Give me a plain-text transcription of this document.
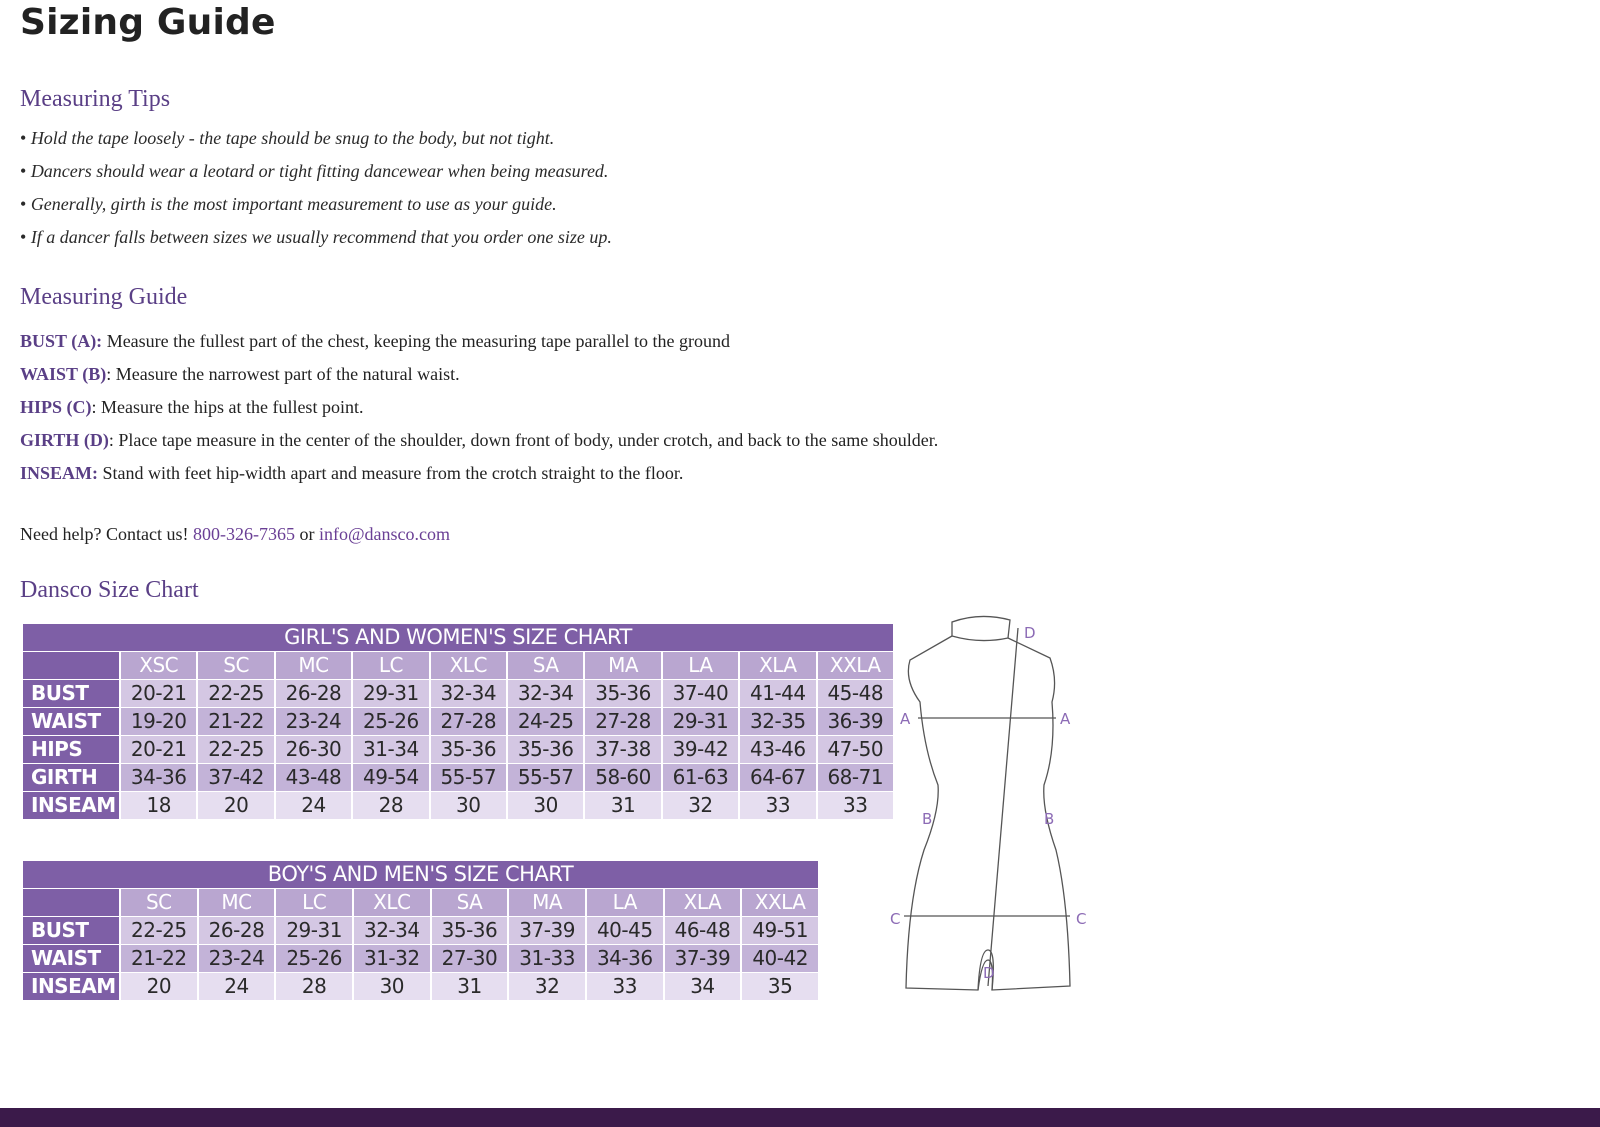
Sizing Guide
Measuring Tips
• Hold the tape loosely - the tape should be snug to the body, but not tight.
• Dancers should wear a leotard or tight fitting dancewear when being measured.
• Generally, girth is the most important measurement to use as your guide.
• If a dancer falls between sizes we usually recommend that you order one size up.
Measuring Guide
BUST (A): Measure the fullest part of the chest, keeping the measuring tape parallel to the ground
WAIST (B): Measure the narrowest part of the natural waist.
HIPS (C): Measure the hips at the fullest point.
GIRTH (D): Place tape measure in the center of the shoulder, down front of body, under crotch, and back to the same shoulder.
INSEAM: Stand with feet hip-width apart and measure from the crotch straight to the floor.
Need help? Contact us! 800-326-7365 or info@dansco.com
Dansco Size Chart
GIRL'S AND WOMEN'S SIZE CHART										
	XSC	SC	MC	LC	XLC	SA	MA	LA	XLA	XXLA
BUST	20-21	22-25	26-28	29-31	32-34	32-34	35-36	37-40	41-44	45-48
WAIST	19-20	21-22	23-24	25-26	27-28	24-25	27-28	29-31	32-35	36-39
HIPS	20-21	22-25	26-30	31-34	35-36	35-36	37-38	39-42	43-46	47-50
GIRTH	34-36	37-42	43-48	49-54	55-57	55-57	58-60	61-63	64-67	68-71
INSEAM	18	20	24	28	30	30	31	32	33	33
BOY'S AND MEN'S SIZE CHART									
	SC	MC	LC	XLC	SA	MA	LA	XLA	XXLA
BUST	22-25	26-28	29-31	32-34	35-36	37-39	40-45	46-48	49-51
WAIST	21-22	23-24	25-26	31-32	27-30	31-33	34-36	37-39	40-42
INSEAM	20	24	28	30	31	32	33	34	35
D
A	A
B	B
C	C
D
